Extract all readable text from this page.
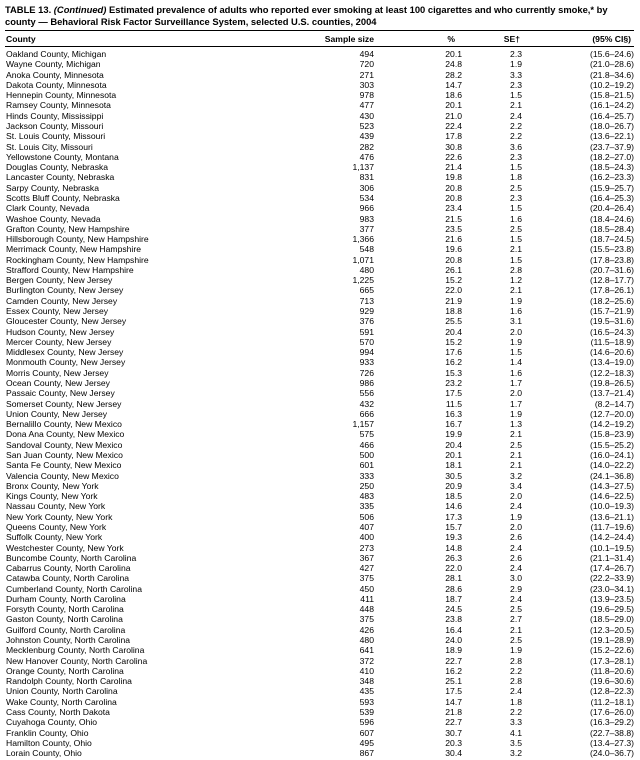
TABLE 13. (Continued) Estimated prevalence of adults who reported ever smoking at least 100 cigarettes and who currently smoke,* by county — Behavioral Risk Factor Surveillance System, selected U.S. counties, 2004
County	Sample size	%	SE†	(95% CI§)
Oakland County, Michigan	494	20.1	2.3	(15.6–24.6)
Wayne County, Michigan	720	24.8	1.9	(21.0–28.6)
Anoka County, Minnesota	271	28.2	3.3	(21.8–34.6)
Dakota County, Minnesota	303	14.7	2.3	(10.2–19.2)
Hennepin County, Minnesota	978	18.6	1.5	(15.8–21.5)
Ramsey County, Minnesota	477	20.1	2.1	(16.1–24.2)
Hinds County, Mississippi	430	21.0	2.4	(16.4–25.7)
Jackson County, Missouri	523	22.4	2.2	(18.0–26.7)
St. Louis County, Missouri	439	17.8	2.2	(13.6–22.1)
St. Louis City, Missouri	282	30.8	3.6	(23.7–37.9)
Yellowstone County, Montana	476	22.6	2.3	(18.2–27.0)
Douglas County, Nebraska	1,137	21.4	1.5	(18.5–24.3)
Lancaster County, Nebraska	831	19.8	1.8	(16.2–23.3)
Sarpy County, Nebraska	306	20.8	2.5	(15.9–25.7)
Scotts Bluff County, Nebraska	534	20.8	2.3	(16.4–25.3)
Clark County, Nevada	966	23.4	1.5	(20.4–26.4)
Washoe County, Nevada	983	21.5	1.6	(18.4–24.6)
Grafton County, New Hampshire	377	23.5	2.5	(18.5–28.4)
Hillsborough County, New Hampshire	1,366	21.6	1.5	(18.7–24.5)
Merrimack County, New Hampshire	548	19.6	2.1	(15.5–23.8)
Rockingham County, New Hampshire	1,071	20.8	1.5	(17.8–23.8)
Strafford County, New Hampshire	480	26.1	2.8	(20.7–31.6)
Bergen County, New Jersey	1,225	15.2	1.2	(12.8–17.7)
Burlington County, New Jersey	665	22.0	2.1	(17.8–26.1)
Camden County, New Jersey	713	21.9	1.9	(18.2–25.6)
Essex County, New Jersey	929	18.8	1.6	(15.7–21.9)
Gloucester County, New Jersey	376	25.5	3.1	(19.5–31.6)
Hudson County, New Jersey	591	20.4	2.0	(16.5–24.3)
Mercer County, New Jersey	570	15.2	1.9	(11.5–18.9)
Middlesex County, New Jersey	994	17.6	1.5	(14.6–20.6)
Monmouth County, New Jersey	933	16.2	1.4	(13.4–19.0)
Morris County, New Jersey	726	15.3	1.6	(12.2–18.3)
Ocean County, New Jersey	986	23.2	1.7	(19.8–26.5)
Passaic County, New Jersey	556	17.5	2.0	(13.7–21.4)
Somerset County, New Jersey	432	11.5	1.7	(8.2–14.7)
Union County, New Jersey	666	16.3	1.9	(12.7–20.0)
Bernalillo County, New Mexico	1,157	16.7	1.3	(14.2–19.2)
Dona Ana County, New Mexico	575	19.9	2.1	(15.8–23.9)
Sandoval County, New Mexico	466	20.4	2.5	(15.5–25.2)
San Juan County, New Mexico	500	20.1	2.1	(16.0–24.1)
Santa Fe County, New Mexico	601	18.1	2.1	(14.0–22.2)
Valencia County, New Mexico	333	30.5	3.2	(24.1–36.8)
Bronx County, New York	250	20.9	3.4	(14.3–27.5)
Kings County, New York	483	18.5	2.0	(14.6–22.5)
Nassau County, New York	335	14.6	2.4	(10.0–19.3)
New York County, New York	506	17.3	1.9	(13.6–21.1)
Queens County, New York	407	15.7	2.0	(11.7–19.6)
Suffolk County, New York	400	19.3	2.6	(14.2–24.4)
Westchester County, New York	273	14.8	2.4	(10.1–19.5)
Buncombe County, North Carolina	367	26.3	2.6	(21.1–31.4)
Cabarrus County, North Carolina	427	22.0	2.4	(17.4–26.7)
Catawba County, North Carolina	375	28.1	3.0	(22.2–33.9)
Cumberland County, North Carolina	450	28.6	2.9	(23.0–34.1)
Durham County, North Carolina	411	18.7	2.4	(13.9–23.5)
Forsyth County, North Carolina	448	24.5	2.5	(19.6–29.5)
Gaston County, North Carolina	375	23.8	2.7	(18.5–29.0)
Guilford County, North Carolina	426	16.4	2.1	(12.3–20.5)
Johnston County, North Carolina	480	24.0	2.5	(19.1–28.9)
Mecklenburg County, North Carolina	641	18.9	1.9	(15.2–22.6)
New Hanover County, North Carolina	372	22.7	2.8	(17.3–28.1)
Orange County, North Carolina	410	16.2	2.2	(11.8–20.6)
Randolph County, North Carolina	348	25.1	2.8	(19.6–30.6)
Union County, North Carolina	435	17.5	2.4	(12.8–22.3)
Wake County, North Carolina	593	14.7	1.8	(11.2–18.1)
Cass County, North Dakota	539	21.8	2.2	(17.6–26.0)
Cuyahoga County, Ohio	596	22.7	3.3	(16.3–29.2)
Franklin County, Ohio	607	30.7	4.1	(22.7–38.8)
Hamilton County, Ohio	495	20.3	3.5	(13.4–27.3)
Lorain County, Ohio	867	30.4	3.2	(24.0–36.7)
